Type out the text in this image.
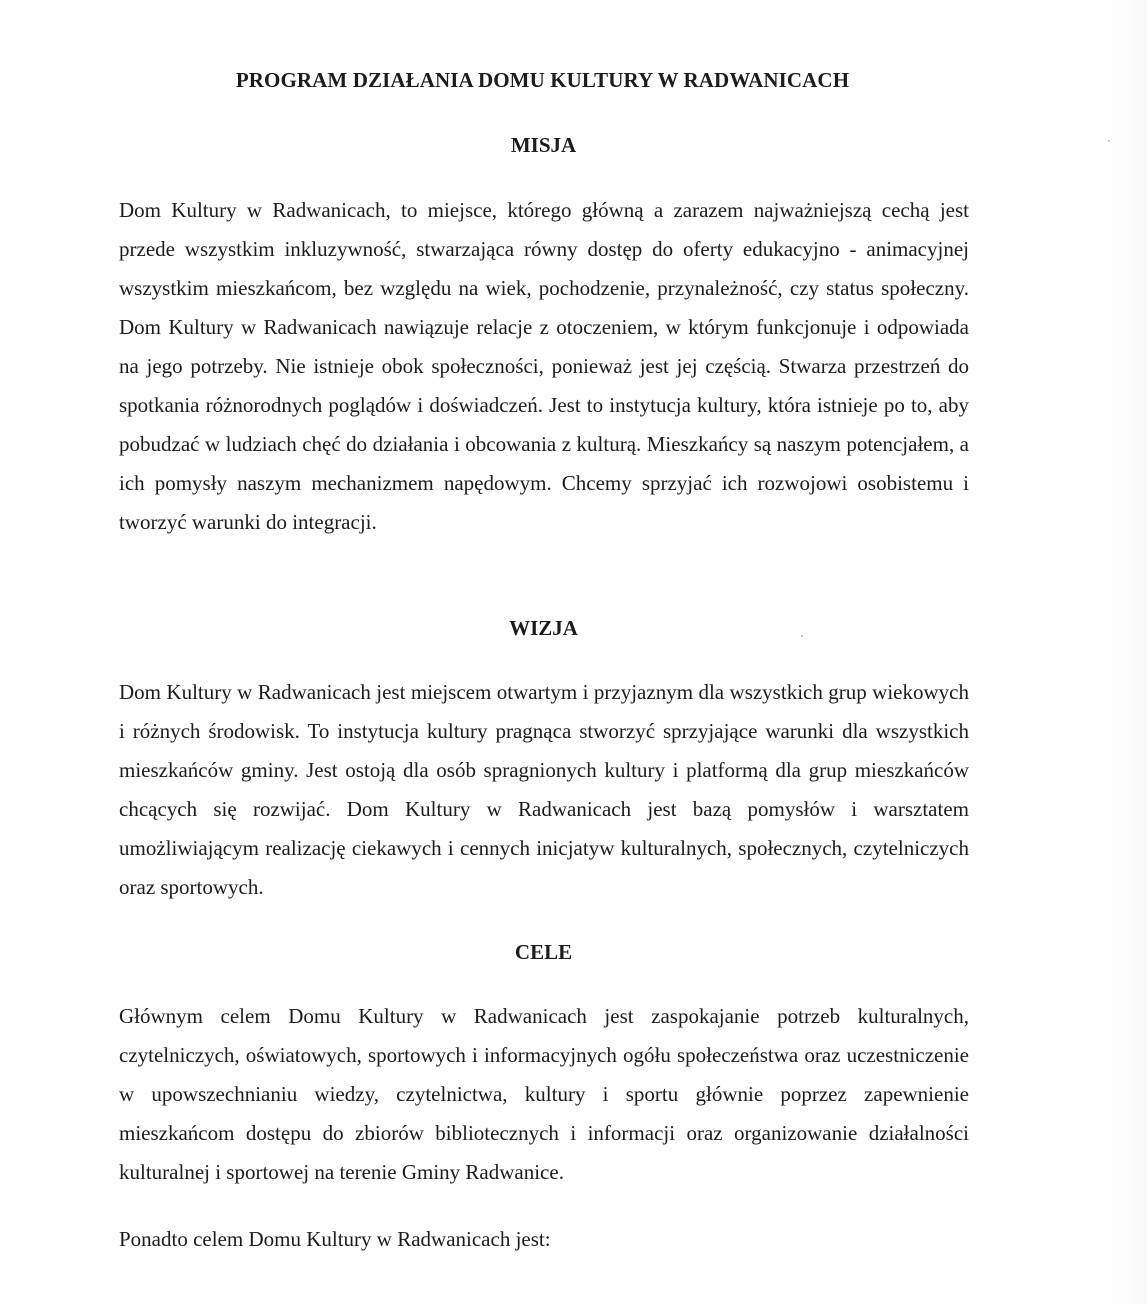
PROGRAM DZIAŁANIA DOMU KULTURY W RADWANICACH
MISJA

Dom Kultury w Radwanicach, to miejsce, którego główną a zarazem najważniejszą cechą jest przede wszystkim inkluzywność, stwarzająca równy dostęp do oferty edukacyjno - animacyjnej wszystkim mieszkańcom, bez względu na wiek, pochodzenie, przynależność, czy status społeczny. Dom Kultury w Radwanicach nawiązuje relacje z otoczeniem, w którym funkcjonuje i odpowiada na jego potrzeby. Nie istnieje obok społeczności, ponieważ jest jej częścią. Stwarza przestrzeń do spotkania różnorodnych poglądów i doświadczeń. Jest to instytucja kultury, która istnieje po to, aby pobudzać w ludziach chęć do działania i obcowania z kulturą. Mieszkańcy są naszym potencjałem, a ich pomysły naszym mechanizmem napędowym. Chcemy sprzyjać ich rozwojowi osobistemu i tworzyć warunki do integracji.

WIZJA

Dom Kultury w Radwanicach jest miejscem otwartym i przyjaznym dla wszystkich grup wiekowych i różnych środowisk. To instytucja kultury pragnąca stworzyć sprzyjające warunki dla wszystkich mieszkańców gminy. Jest ostoją dla osób spragnionych kultury i platformą dla grup mieszkańców chcących się rozwijać. Dom Kultury w Radwanicach jest bazą pomysłów i warsztatem umożliwiającym realizację ciekawych i cennych inicjatyw kulturalnych, społecznych, czytelniczych oraz sportowych.

CELE

Głównym celem Domu Kultury w Radwanicach jest zaspokajanie potrzeb kulturalnych, czytelniczych, oświatowych, sportowych i informacyjnych ogółu społeczeństwa oraz uczestniczenie w upowszechnianiu wiedzy, czytelnictwa, kultury i sportu głównie poprzez zapewnienie mieszkańcom dostępu do zbiorów bibliotecznych i informacji oraz organizowanie działalności kulturalnej i sportowej na terenie Gminy Radwanice.

Ponadto celem Domu Kultury w Radwanicach jest:
